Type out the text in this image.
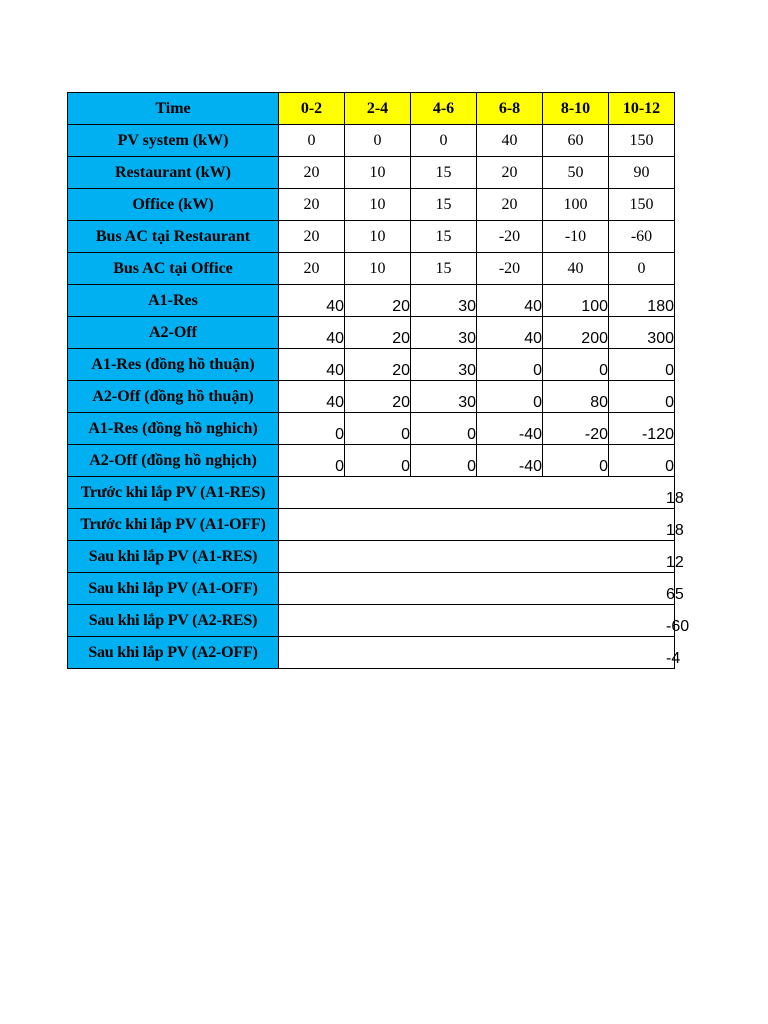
Time	0-2	2-4	4-6	6-8	8-10	10-12
PV system (kW)	0	0	0	40	60	150
Restaurant (kW)	20	10	15	20	50	90
Office (kW)	20	10	15	20	100	150
Bus AC tại Restaurant	20	10	15	-20	-10	-60
Bus AC tại Office	20	10	15	-20	40	0
A1-Res	40	20	30	40	100	180
A2-Off	40	20	30	40	200	300
A1-Res (đồng hồ thuận)	40	20	30	0	0	0
A2-Off (đồng hồ thuận)	40	20	30	0	80	0
A1-Res (đồng hồ nghich)	0	0	0	-40	-20	-120
A2-Off (đồng hồ nghịch)	0	0	0	-40	0	0
Trước khi lắp PV (A1-RES)	18					

Trước khi lắp PV (A1-OFF)	18					

Sau khi lắp PV (A1-RES)	12					

Sau khi lắp PV (A1-OFF)	65					

Sau khi lắp PV (A2-RES)	-60					

Sau khi lắp PV (A2-OFF)	-4					
